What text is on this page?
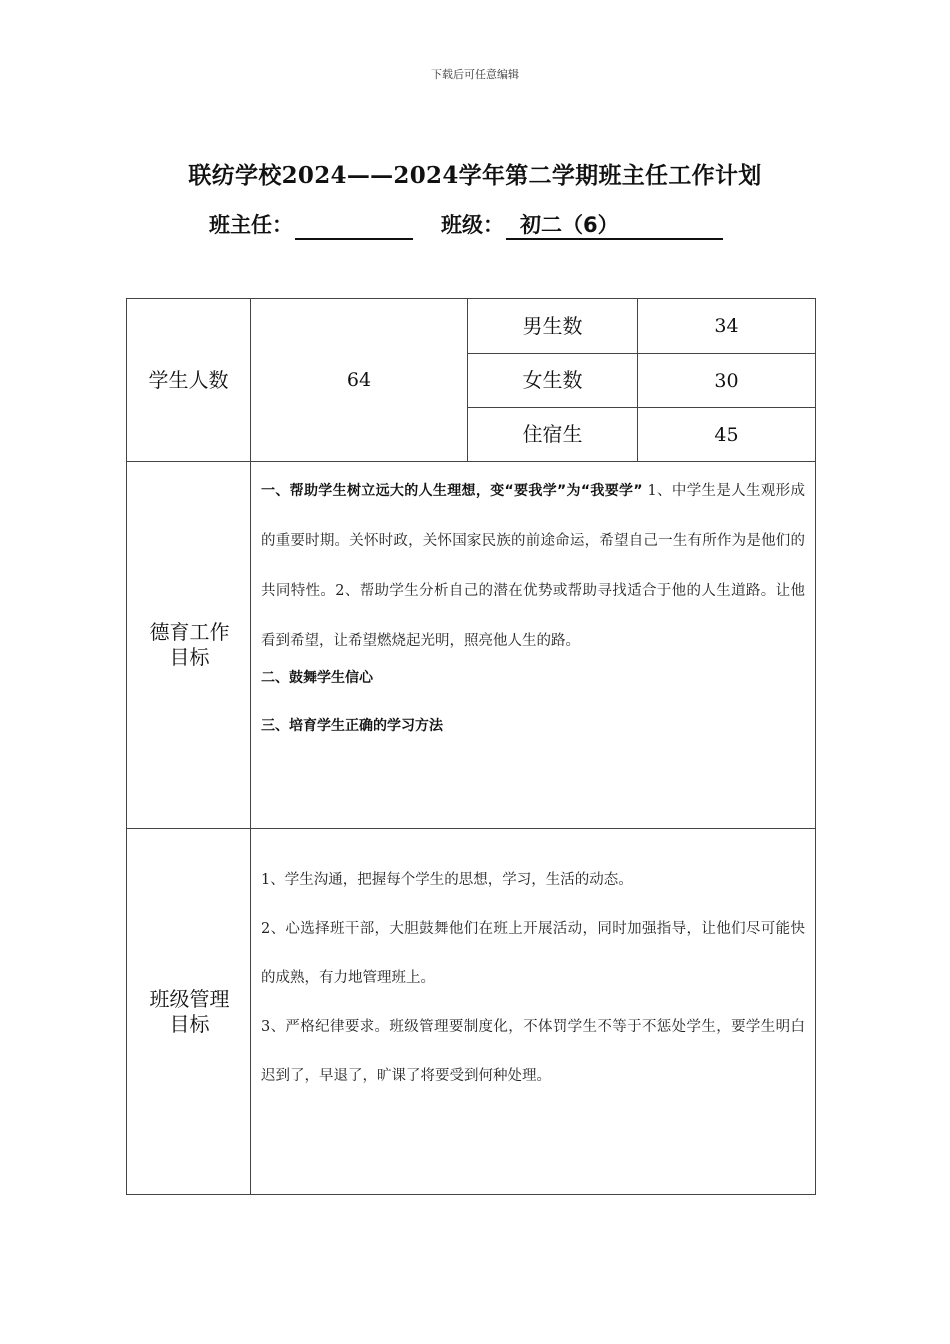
下载后可任意编辑
联纺学校2024——2024学年第二学期班主任工作计划
班主任：	班级： 初二（6）
学生人数	64	男生数	34
		女生数	30
		住宿生	45

德育工作目标	一、帮助学生树立远大的人生理想，变“要我学”为“我要学” 1、中学生是人生观形成的重要时期。关怀时政，关怀国家民族的前途命运，希望自己一生有所作为是他们的共同特性。2、帮助学生分析自己的潜在优势或帮助寻找适合于他的人生道路。让他看到希望，让希望燃烧起光明，照亮他人生的路。

二、鼓舞学生信心

三、培育学生正确的学习方法		

班级管理目标	1、学生沟通，把握每个学生的思想，学习，生活的动态。

2、心选择班干部，大胆鼓舞他们在班上开展活动，同时加强指导，让他们尽可能快的成熟，有力地管理班上。

3、严格纪律要求。班级管理要制度化，不体罚学生不等于不惩处学生，要学生明白迟到了，早退了，旷课了将要受到何种处理。		
